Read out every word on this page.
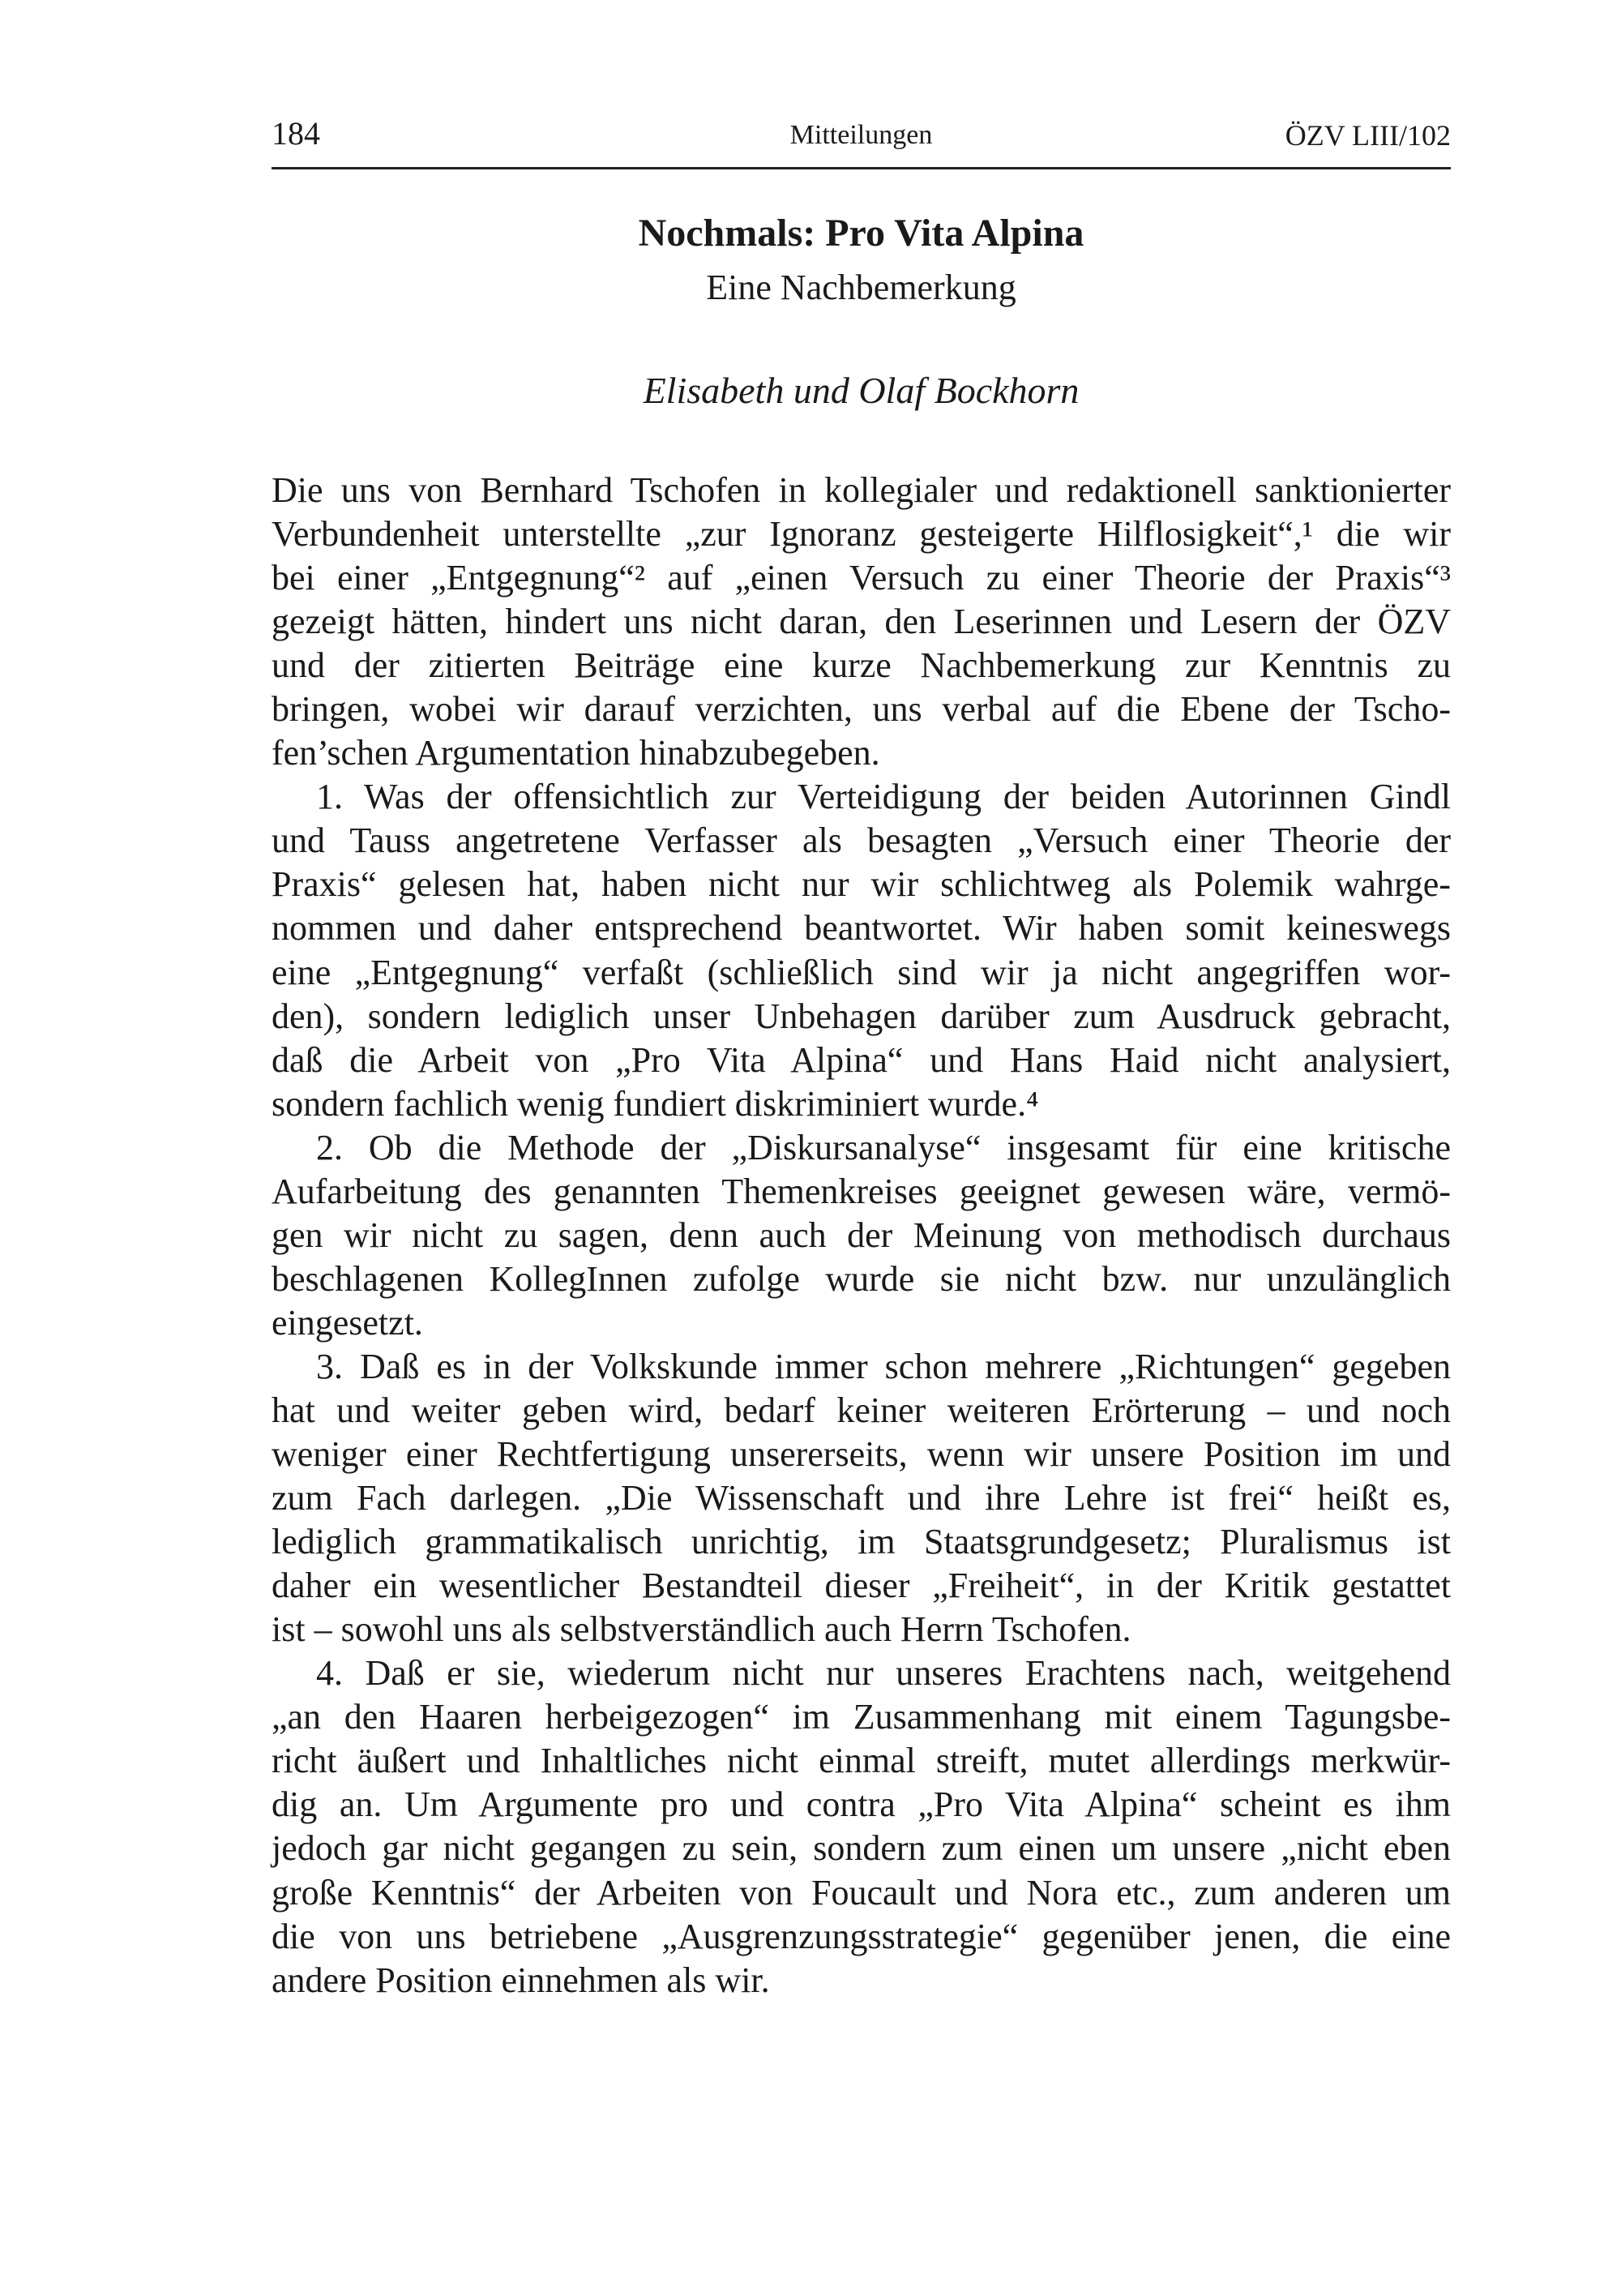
184	Mitteilungen	ÖZV LIII/102
Nochmals: Pro Vita Alpina
Eine Nachbemerkung
Elisabeth und Olaf Bockhorn
Die uns von Bernhard Tschofen in kollegialer und redaktionell sanktionierter
Verbundenheit unterstellte „zur Ignoranz gesteigerte Hilflosigkeit“,¹ die wir
bei einer „Entgegnung“² auf „einen Versuch zu einer Theorie der Praxis“³
gezeigt hätten, hindert uns nicht daran, den Leserinnen und Lesern der ÖZV
und der zitierten Beiträge eine kurze Nachbemerkung zur Kenntnis zu
bringen, wobei wir darauf verzichten, uns verbal auf die Ebene der Tscho-
fen’schen Argumentation hinabzubegeben.
1. Was der offensichtlich zur Verteidigung der beiden Autorinnen Gindl
und Tauss angetretene Verfasser als besagten „Versuch einer Theorie der
Praxis“ gelesen hat, haben nicht nur wir schlichtweg als Polemik wahrge-
nommen und daher entsprechend beantwortet. Wir haben somit keineswegs
eine „Entgegnung“ verfaßt (schließlich sind wir ja nicht angegriffen wor-
den), sondern lediglich unser Unbehagen darüber zum Ausdruck gebracht,
daß die Arbeit von „Pro Vita Alpina“ und Hans Haid nicht analysiert,
sondern fachlich wenig fundiert diskriminiert wurde.⁴
2. Ob die Methode der „Diskursanalyse“ insgesamt für eine kritische
Aufarbeitung des genannten Themenkreises geeignet gewesen wäre, vermö-
gen wir nicht zu sagen, denn auch der Meinung von methodisch durchaus
beschlagenen KollegInnen zufolge wurde sie nicht bzw. nur unzulänglich
eingesetzt.
3. Daß es in der Volkskunde immer schon mehrere „Richtungen“ gegeben
hat und weiter geben wird, bedarf keiner weiteren Erörterung – und noch
weniger einer Rechtfertigung unsererseits, wenn wir unsere Position im und
zum Fach darlegen. „Die Wissenschaft und ihre Lehre ist frei“ heißt es,
lediglich grammatikalisch unrichtig, im Staatsgrundgesetz; Pluralismus ist
daher ein wesentlicher Bestandteil dieser „Freiheit“, in der Kritik gestattet
ist – sowohl uns als selbstverständlich auch Herrn Tschofen.
4. Daß er sie, wiederum nicht nur unseres Erachtens nach, weitgehend
„an den Haaren herbeigezogen“ im Zusammenhang mit einem Tagungsbe-
richt äußert und Inhaltliches nicht einmal streift, mutet allerdings merkwür-
dig an. Um Argumente pro und contra „Pro Vita Alpina“ scheint es ihm
jedoch gar nicht gegangen zu sein, sondern zum einen um unsere „nicht eben
große Kenntnis“ der Arbeiten von Foucault und Nora etc., zum anderen um
die von uns betriebene „Ausgrenzungsstrategie“ gegenüber jenen, die eine
andere Position einnehmen als wir.
